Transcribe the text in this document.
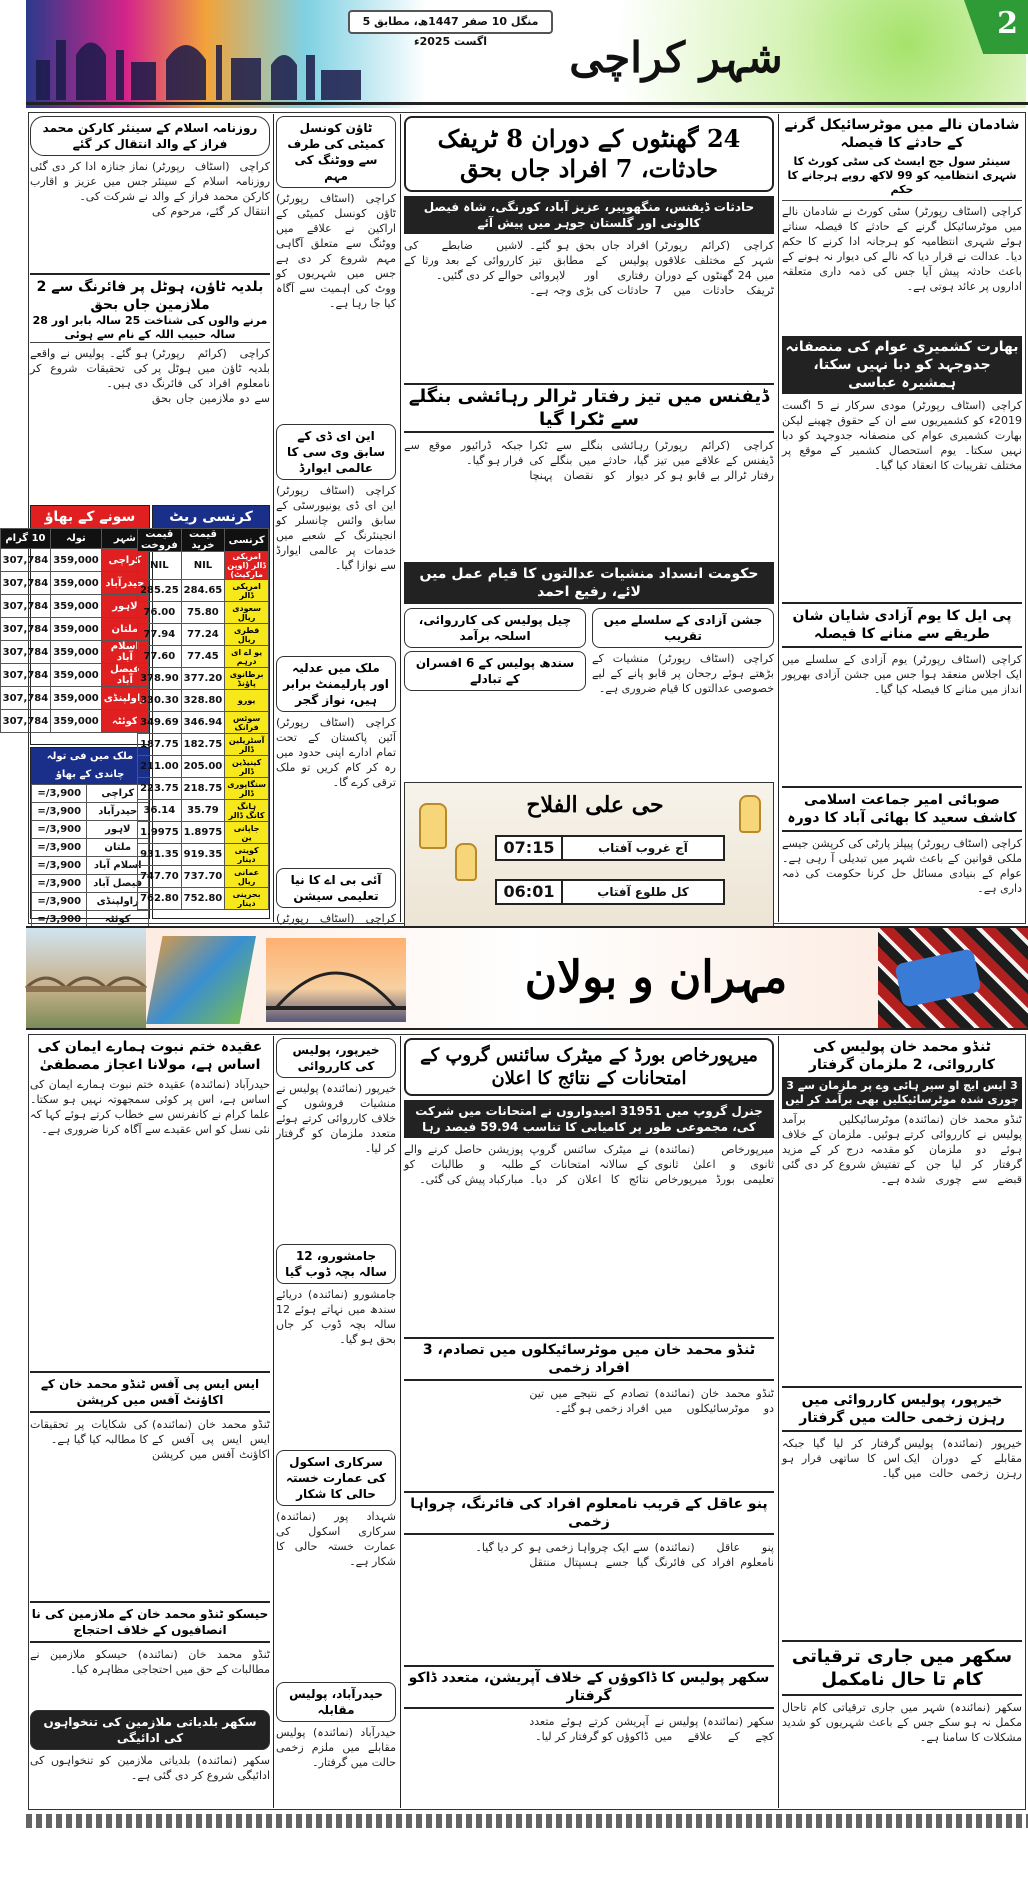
2
منگل 10 صفر 1447ھ، مطابق 5 اگست 2025ء	شہر کراچی
شادمان نالے میں موٹرسائیکل گرنے کے حادثے کا فیصلہ
سینئر سول جج ایسٹ کی سٹی کورٹ کا شہری انتظامیہ کو 99 لاکھ روپے ہرجانے کا حکم
کراچی (اسٹاف رپورٹر) سٹی کورٹ نے شادمان نالے میں موٹرسائیکل گرنے کے حادثے کا فیصلہ سناتے ہوئے شہری انتظامیہ کو ہرجانہ ادا کرنے کا حکم دیا۔ عدالت نے قرار دیا کہ نالے کی دیوار نہ ہونے کے باعث حادثہ پیش آیا جس کی ذمہ داری متعلقہ اداروں پر عائد ہوتی ہے۔
بھارت کشمیری عوام کی منصفانہ جدوجہد کو دبا نہیں سکتا، ہمشیرہ عباسی
کراچی (اسٹاف رپورٹر) مودی سرکار نے 5 اگست 2019ء کو کشمیریوں سے ان کے حقوق چھینے لیکن بھارت کشمیری عوام کی منصفانہ جدوجہد کو دبا نہیں سکتا۔ یوم استحصال کشمیر کے موقع پر مختلف تقریبات کا انعقاد کیا گیا۔
پی ایل کا یوم آزادی شایان شان طریقے سے منانے کا فیصلہ
کراچی (اسٹاف رپورٹر) یوم آزادی کے سلسلے میں ایک اجلاس منعقد ہوا جس میں جشن آزادی بھرپور انداز میں منانے کا فیصلہ کیا گیا۔
صوبائی امیر جماعت اسلامی کاشف سعید کا بھائی آباد کا دورہ
کراچی (اسٹاف رپورٹر) پیپلز پارٹی کی کرپشن جیسے ملکی قوانین کے باعث شہر میں تبدیلی آ رہی ہے۔ عوام کے بنیادی مسائل حل کرنا حکومت کی ذمہ داری ہے۔
24 گھنٹوں کے دوران 8 ٹریفک حادثات، 7 افراد جاں بحق
حادثات ڈیفنس، منگھوپیر، عزیز آباد، کورنگی، شاہ فیصل کالونی اور گلستان جوہر میں پیش آئے
کراچی (کرائم رپورٹر) شہر کے مختلف علاقوں میں 24 گھنٹوں کے دوران ٹریفک حادثات میں 7 افراد جاں بحق ہو گئے۔ پولیس کے مطابق تیز رفتاری اور لاپروائی حادثات کی بڑی وجہ ہے۔ لاشیں ضابطے کی کارروائی کے بعد ورثا کے حوالے کر دی گئیں۔
ڈیفنس میں تیز رفتار ٹرالر رہائشی بنگلے سے ٹکرا گیا
کراچی (کرائم رپورٹر) ڈیفنس کے علاقے میں تیز رفتار ٹرالر بے قابو ہو کر رہائشی بنگلے سے ٹکرا گیا، حادثے میں بنگلے کی دیوار کو نقصان پہنچا جبکہ ڈرائیور موقع سے فرار ہو گیا۔
حکومت انسداد منشیات عدالتوں کا قیام عمل میں لائے، رفیع احمد
جشن آزادی کے سلسلے میں تقریب
کراچی (اسٹاف رپورٹر) منشیات کے بڑھتے ہوئے رجحان پر قابو پانے کے لیے خصوصی عدالتوں کا قیام ضروری ہے۔
چیل پولیس کی کارروائی، اسلحہ برآمد
سندھ پولیس کے 6 افسران کے تبادلے
حی علی الفلاح
آج غروب آفتاب
07:15
کل طلوع آفتاب
06:01
ٹاؤن کونسل کمیٹی کی طرف سے ووٹنگ کی مہم
کراچی (اسٹاف رپورٹر) ٹاؤن کونسل کمیٹی کے اراکین نے علاقے میں ووٹنگ سے متعلق آگاہی مہم شروع کر دی ہے جس میں شہریوں کو ووٹ کی اہمیت سے آگاہ کیا جا رہا ہے۔
این ای ڈی کے سابق وی سی کا عالمی ایوارڈ
کراچی (اسٹاف رپورٹر) این ای ڈی یونیورسٹی کے سابق وائس چانسلر کو انجینئرنگ کے شعبے میں خدمات پر عالمی ایوارڈ سے نوازا گیا۔
ملک میں عدلیہ اور پارلیمنٹ برابر ہیں، نواز گجر
کراچی (اسٹاف رپورٹر) آئین پاکستان کے تحت تمام ادارے اپنی حدود میں رہ کر کام کریں تو ملک ترقی کرے گا۔
آئی بی اے کا نیا تعلیمی سیشن
کراچی (اسٹاف رپورٹر)
روزنامہ اسلام کے سینئر کارکن محمد فراز کے والد انتقال کر گئے
کراچی (اسٹاف رپورٹر) روزنامہ اسلام کے سینئر کارکن محمد فراز کے والد انتقال کر گئے، مرحوم کی نماز جنازہ ادا کر دی گئی جس میں عزیز و اقارب نے شرکت کی۔
بلدیہ ٹاؤن، ہوٹل پر فائرنگ سے 2 ملازمین جاں بحق
مرنے والوں کی شناخت 25 سالہ بابر اور 28 سالہ حبیب اللہ کے نام سے ہوئی
کراچی (کرائم رپورٹر) بلدیہ ٹاؤن میں ہوٹل پر نامعلوم افراد کی فائرنگ سے دو ملازمین جاں بحق ہو گئے۔ پولیس نے واقعے کی تحقیقات شروع کر دی ہیں۔
سونے کے بھاؤ
شہر	تولہ	10 گرام
کراچی	359,000	307,784
حیدرآباد	359,000	307,784
لاہور	359,000	307,784
ملتان	359,000	307,784
اسلام آباد	359,000	307,784
فیصل آباد	359,000	307,784
راولپنڈی	359,000	307,784
کوئٹہ	359,000	307,784
ملک میں فی تولہ چاندی کے بھاؤ
کراچی	3,900/=
حیدرآباد	3,900/=
لاہور	3,900/=
ملتان	3,900/=
اسلام آباد	3,900/=
فیصل آباد	3,900/=
راولپنڈی	3,900/=
کوئٹہ	3,900/=
کرنسی ریٹ
کرنسی	قیمت خرید	قیمت فروخت
امریکی ڈالر (اوپن مارکیٹ)	NIL	NIL
امریکی ڈالر	284.65	285.25
سعودی ریال	75.80	76.00
قطری ریال	77.24	77.94
یو اے ای درہم	77.45	77.60
برطانوی پاؤنڈ	377.20	378.90
یورو	328.80	330.30
سوئس فرانک	346.94	349.69
آسٹریلین ڈالر	182.75	187.75
کینیڈین ڈالر	205.00	211.00
سنگاپوری ڈالر	218.75	223.75
ہانگ کانگ ڈالر	35.79	36.14
جاپانی ین	1.8975	1.9975
کویتی دینار	919.35	931.35
عمانی ریال	737.70	747.70
بحرینی دینار	752.80	762.80
مہران و بولان
ٹنڈو محمد خان پولیس کی کارروائی، 2 ملزمان گرفتار
3 ایس ایچ او سپر ہائی وے پر ملزمان سے 3 چوری شدہ موٹرسائیکلیں بھی برآمد کر لیں
ٹنڈو محمد خان (نمائندہ) پولیس نے کارروائی کرتے ہوئے دو ملزمان کو گرفتار کر لیا جن کے قبضے سے چوری شدہ موٹرسائیکلیں برآمد ہوئیں۔ ملزمان کے خلاف مقدمہ درج کر کے مزید تفتیش شروع کر دی گئی ہے۔
خیرپور، پولیس کارروائی میں رہزن زخمی حالت میں گرفتار
خیرپور (نمائندہ) پولیس مقابلے کے دوران ایک رہزن زخمی حالت میں گرفتار کر لیا گیا جبکہ اس کا ساتھی فرار ہو گیا۔
سکھر میں جاری ترقیاتی کام تا حال نامکمل
سکھر (نمائندہ) شہر میں جاری ترقیاتی کام تاحال مکمل نہ ہو سکے جس کے باعث شہریوں کو شدید مشکلات کا سامنا ہے۔
میرپورخاص بورڈ کے میٹرک سائنس گروپ کے امتحانات کے نتائج کا اعلان
جنرل گروپ میں 31951 امیدواروں نے امتحانات میں شرکت کی، مجموعی طور پر کامیابی کا تناسب 59.94 فیصد رہا
میرپورخاص (نمائندہ) ثانوی و اعلیٰ ثانوی تعلیمی بورڈ میرپورخاص نے میٹرک سائنس گروپ کے سالانہ امتحانات کے نتائج کا اعلان کر دیا۔ پوزیشن حاصل کرنے والے طلبہ و طالبات کو مبارکباد پیش کی گئی۔
ٹنڈو محمد خان میں موٹرسائیکلوں میں تصادم، 3 افراد زخمی
ٹنڈو محمد خان (نمائندہ) دو موٹرسائیکلوں میں تصادم کے نتیجے میں تین افراد زخمی ہو گئے۔
پنو عاقل کے قریب نامعلوم افراد کی فائرنگ، چرواہا زخمی
پنو عاقل (نمائندہ) نامعلوم افراد کی فائرنگ سے ایک چرواہا زخمی ہو گیا جسے ہسپتال منتقل کر دیا گیا۔
سکھر پولیس کا ڈاکوؤں کے خلاف آپریشن، متعدد ڈاکو گرفتار
سکھر (نمائندہ) پولیس نے کچے کے علاقے میں آپریشن کرتے ہوئے متعدد ڈاکوؤں کو گرفتار کر لیا۔
خیرپور، پولیس کی کارروائی
خیرپور (نمائندہ) پولیس نے منشیات فروشوں کے خلاف کارروائی کرتے ہوئے متعدد ملزمان کو گرفتار کر لیا۔
جامشورو، 12 سالہ بچہ ڈوب گیا
جامشورو (نمائندہ) دریائے سندھ میں نہاتے ہوئے 12 سالہ بچہ ڈوب کر جاں بحق ہو گیا۔
سرکاری اسکول کی عمارت خستہ حالی کا شکار
شہداد پور (نمائندہ) سرکاری اسکول کی عمارت خستہ حالی کا شکار ہے۔
حیدرآباد، پولیس مقابلہ
حیدرآباد (نمائندہ) پولیس مقابلے میں ملزم زخمی حالت میں گرفتار۔
عقیدہ ختم نبوت ہمارے ایمان کی اساس ہے، مولانا اعجاز مصطفیٰ
حیدرآباد (نمائندہ) عقیدہ ختم نبوت ہمارے ایمان کی اساس ہے، اس پر کوئی سمجھوتہ نہیں ہو سکتا۔ علما کرام نے کانفرنس سے خطاب کرتے ہوئے کہا کہ نئی نسل کو اس عقیدے سے آگاہ کرنا ضروری ہے۔
ایس ایس پی آفس ٹنڈو محمد خان کے اکاؤنٹ آفس میں کرپشن
ٹنڈو محمد خان (نمائندہ) ایس ایس پی آفس کے اکاؤنٹ آفس میں کرپشن کی شکایات پر تحقیقات کا مطالبہ کیا گیا ہے۔
حیسکو ٹنڈو محمد خان کے ملازمین کی نا انصافیوں کے خلاف احتجاج
ٹنڈو محمد خان (نمائندہ) حیسکو ملازمین نے مطالبات کے حق میں احتجاجی مظاہرہ کیا۔
سکھر بلدیاتی ملازمین کی تنخواہوں کی ادائیگی
سکھر (نمائندہ) بلدیاتی ملازمین کو تنخواہوں کی ادائیگی شروع کر دی گئی ہے۔
